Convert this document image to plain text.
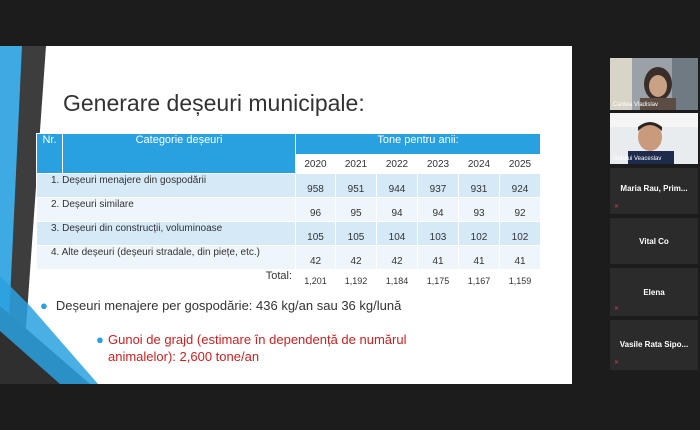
Generare deșeuri municipale:
Nr.	Categorie deșeuri	Tone pentru anii:					
		2020	2021	2022	2023	2024	2025
1. Deșeuri menajere din gospodării		958	951	944	937	931	924
2. Deșeuri similare		96	95	94	94	93	92
3. Deșeuri din construcții, voluminoase		105	105	104	103	102	102
4. Alte deșeuri (deșeuri stradale, din piețe, etc.)		42	42	42	41	41	41
Total:		1,201	1,192	1,184	1,175	1,167	1,159
● Deșeuri menajere per gospodărie: 436 kg/an sau 36 kg/lună
● Gunoi de grajd (estimare în dependență de numărul animalelor): 2,600 tone/an
Cantea Vladislav
Gututui Veaceslav
Maria Rau, Prim...
✕
Vital Co
Elena
✕
Vasile Rata Sipo...
✕
